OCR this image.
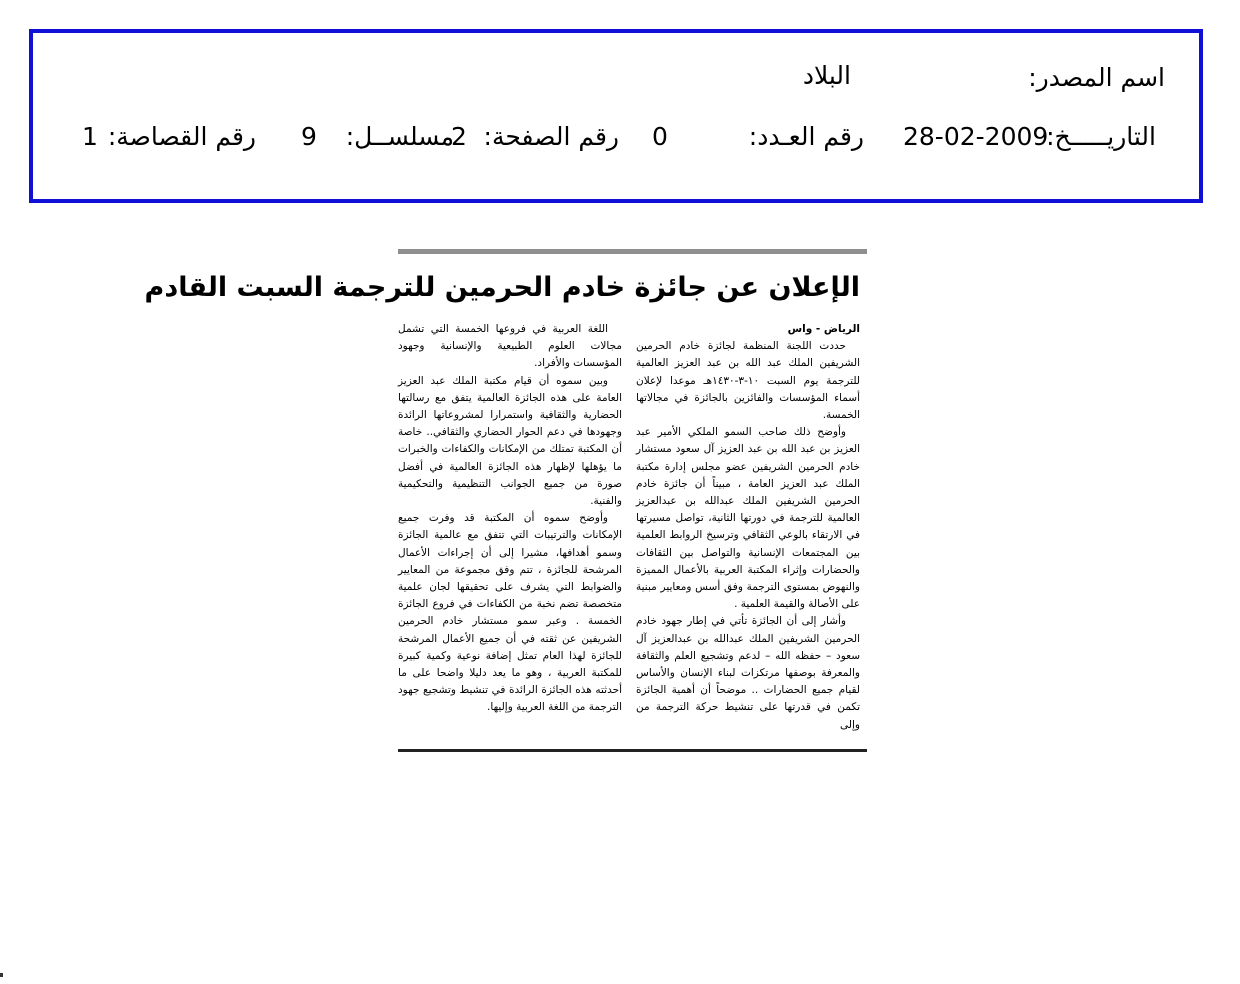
اسم المصدر:
البلاد
التاريـــــخ:
28-02-2009
رقم العـدد:
0
رقم الصفحة:
2
مسلســل:
9
رقم القصاصة:
1
الإعلان عن جائزة خادم الحرمين للترجمة السبت القادم
الرياض - واس

حددت اللجنة المنظمة لجائزة خادم الحرمين الشريفين الملك عبد الله بن عبد العزيز العالمية للترجمة يوم السبت ١٠-٣-١٤٣٠هـ موعدا لإعلان أسماء المؤسسات والفائزين بالجائزة في مجالاتها الخمسة.

وأوضح ذلك صاحب السمو الملكي الأمير عبد العزيز بن عبد الله بن عبد العزيز آل سعود مستشار خادم الحرمين الشريفين عضو مجلس إدارة مكتبة الملك عبد العزيز العامة ، مبيناً أن جائزة خادم الحرمين الشريفين الملك عبدالله بن عبدالعزيز العالمية للترجمة في دورتها الثانية، تواصل مسيرتها في الارتقاء بالوعي الثقافي وترسيخ الروابط العلمية بين المجتمعات الإنسانية والتواصل بين الثقافات والحضارات وإثراء المكتبة العربية بالأعمال المميزة والنهوض بمستوى الترجمة وفق أسس ومعايير مبنية على الأصالة والقيمة العلمية .

وأشار إلى أن الجائزة تأتي في إطار جهود خادم الحرمين الشريفين الملك عبدالله بن عبدالعزيز آل سعود – حفظه الله – لدعم وتشجيع العلم والثقافة والمعرفة بوصفها مرتكزات لبناء الإنسان والأساس لقيام جميع الحضارات .. موضحاً أن أهمية الجائزة تكمن في قدرتها على تنشيط حركة الترجمة من وإلى

اللغة العربية في فروعها الخمسة التي تشمل مجالات العلوم الطبيعية والإنسانية وجهود المؤسسات والأفراد.

وبين سموه أن قيام مكتبة الملك عبد العزيز العامة على هذه الجائزة العالمية يتفق مع رسالتها الحضارية والثقافية واستمرارا لمشروعاتها الرائدة وجهودها في دعم الحوار الحضاري والثقافي.. خاصة أن المكتبة تمتلك من الإمكانات والكفاءات والخبرات ما يؤهلها لإظهار هذه الجائزة العالمية في أفضل صورة من جميع الجوانب التنظيمية والتحكيمية والفنية.

وأوضح سموه أن المكتبة قد وفرت جميع الإمكانات والترتيبات التي تتفق مع عالمية الجائزة وسمو أهدافها، مشيرا إلى أن إجراءات الأعمال المرشحة للجائزة ، تتم وفق مجموعة من المعايير والضوابط التي يشرف على تحقيقها لجان علمية متخصصة تضم نخبة من الكفاءات في فروع الجائزة الخمسة . وعبر سمو مستشار خادم الحرمين الشريفين عن ثقته في أن جميع الأعمال المرشحة للجائزة لهذا العام تمثل إضافة نوعية وكمية كبيرة للمكتبة العربية ، وهو ما يعد دليلا واضحا على ما أحدثته هذه الجائزة الرائدة في تنشيط وتشجيع جهود الترجمة من اللغة العربية وإليها.
